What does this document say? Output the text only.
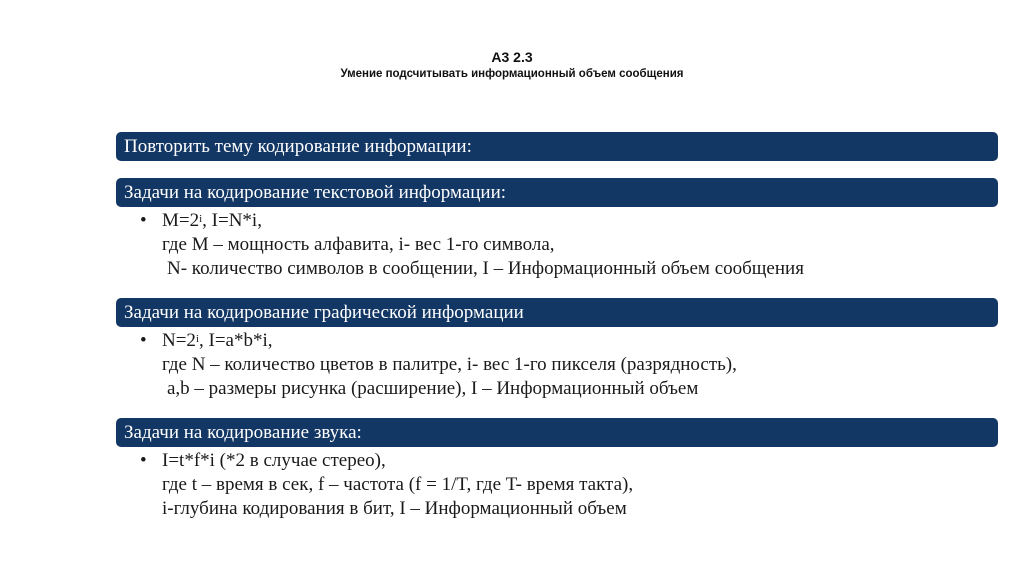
А3 2.3
Умение подсчитывать информационный объем сообщения
Повторить тему кодирование информации:
Задачи на кодирование текстовой информации:
• $M=2^i$, I=N*i,
где M – мощность алфавита, i- вес 1-го символа,
N- количество символов в сообщении, I – Информационный объем сообщения
Задачи на кодирование графической информации
• $N=2^i$, I=a*b*i,
где N – количество цветов в палитре, i- вес 1-го пикселя (разрядность),
a,b – размеры рисунка (расширение), I – Информационный объем
Задачи на кодирование звука:
• I=t*f*i (*2 в случае стерео),
где t – время в сек, f – частота (f = 1/T, где T- время такта),
i-глубина кодирования в бит, I – Информационный объем
